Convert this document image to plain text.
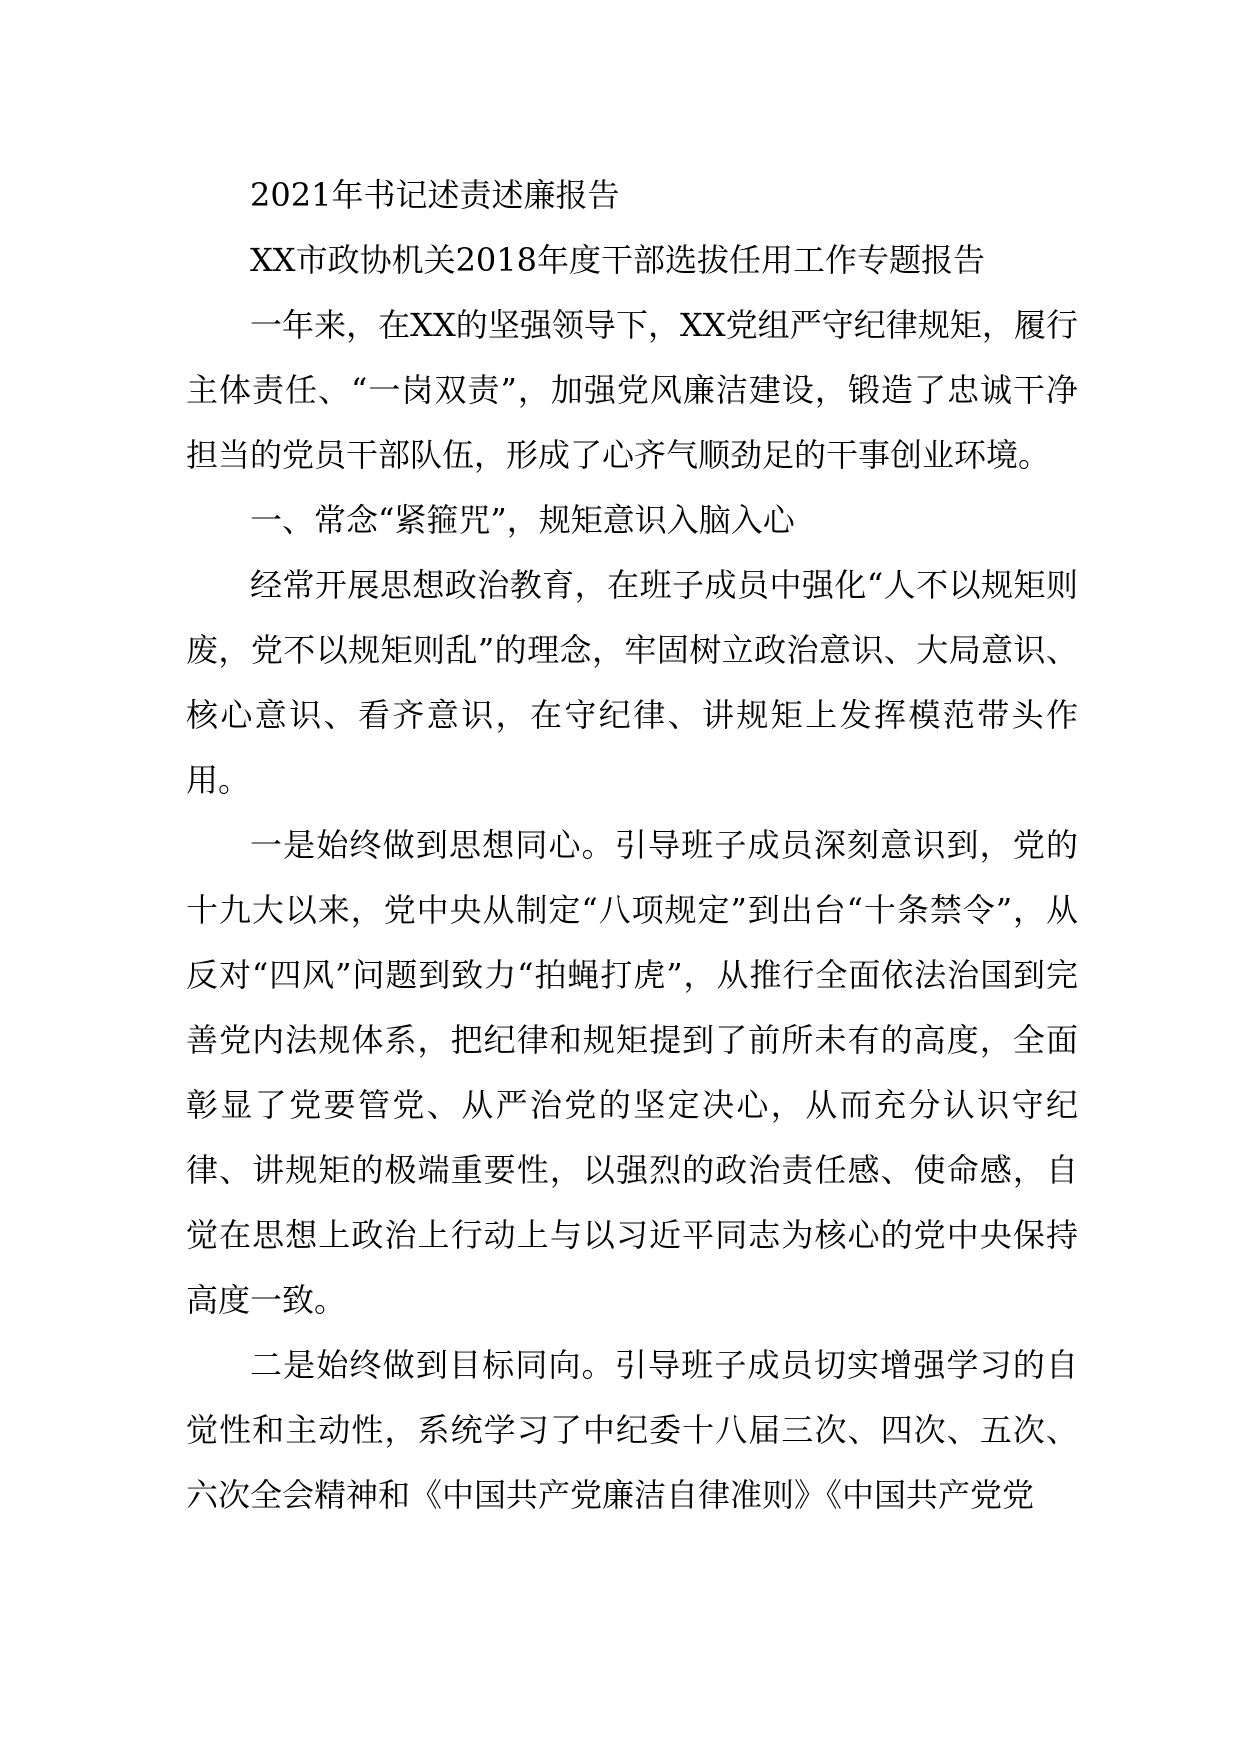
2021年书记述责述廉报告

XX市政协机关2018年度干部选拔任用工作专题报告

一年来，在XX的坚强领导下，XX党组严守纪律规矩，履行主体责任、“一岗双责”，加强党风廉洁建设，锻造了忠诚干净担当的党员干部队伍，形成了心齐气顺劲足的干事创业环境。

一、常念“紧箍咒”，规矩意识入脑入心

经常开展思想政治教育，在班子成员中强化“人不以规矩则废，党不以规矩则乱”的理念，牢固树立政治意识、大局意识、核心意识、看齐意识，在守纪律、讲规矩上发挥模范带头作用。

一是始终做到思想同心。引导班子成员深刻意识到，党的十九大以来，党中央从制定“八项规定”到出台“十条禁令”，从反对“四风”问题到致力“拍蝇打虎”，从推行全面依法治国到完善党内法规体系，把纪律和规矩提到了前所未有的高度，全面彰显了党要管党、从严治党的坚定决心，从而充分认识守纪律、讲规矩的极端重要性，以强烈的政治责任感、使命感，自觉在思想上政治上行动上与以习近平同志为核心的党中央保持高度一致。

二是始终做到目标同向。引导班子成员切实增强学习的自觉性和主动性，系统学习了中纪委十八届三次、四次、五次、六次全会精神和《中国共产党廉洁自律准则》《中国共产党党
